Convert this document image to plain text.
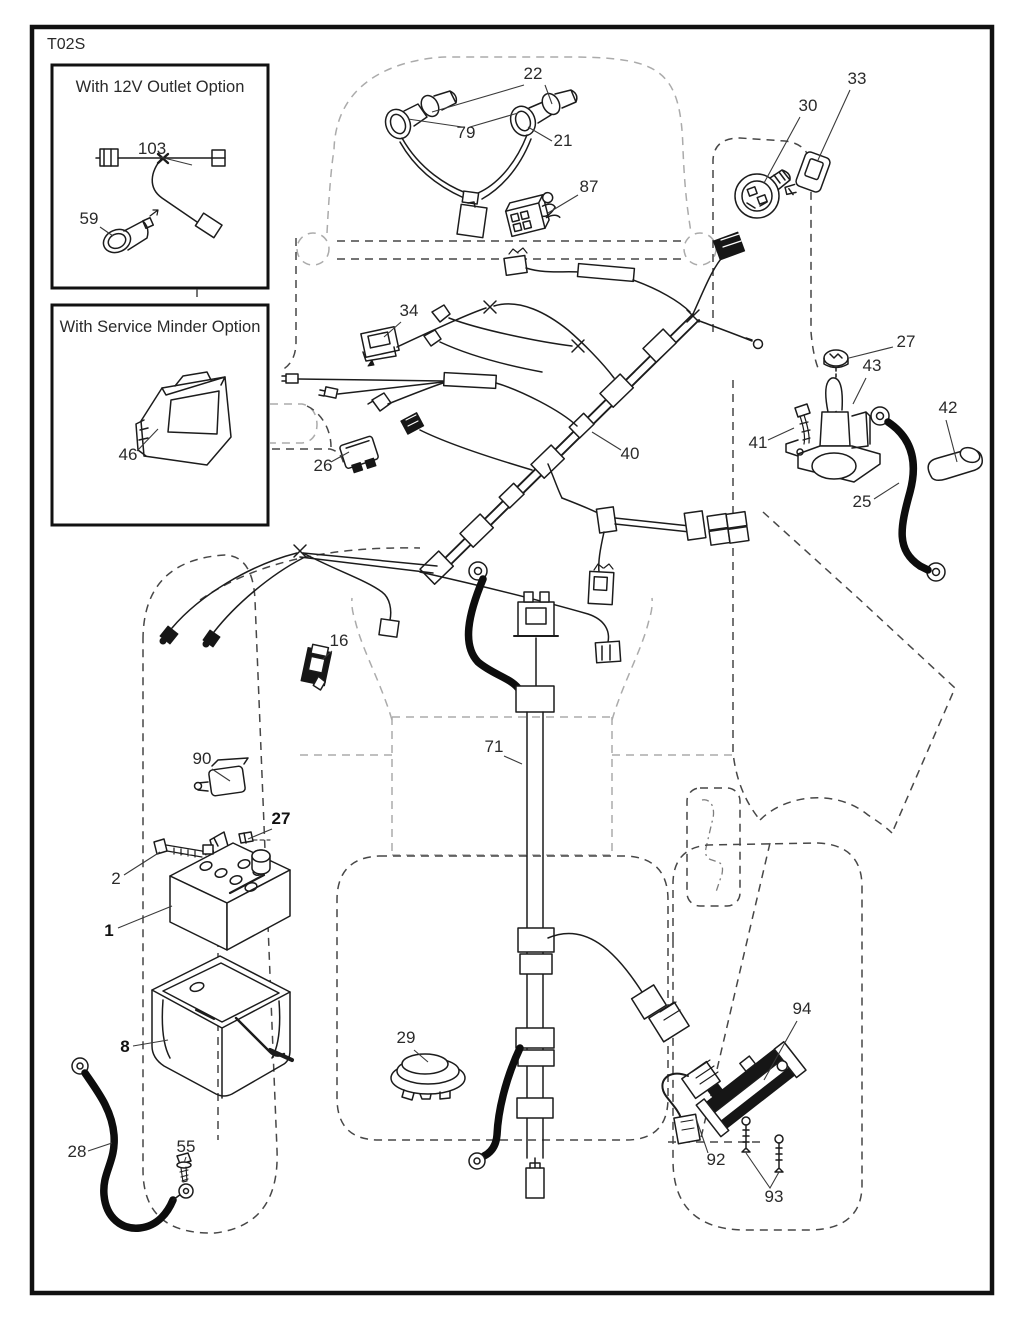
T02S
With 12V Outlet Option
With Service Minder Option
103
59
46
22
79	21
87
30
33
27
43
41
42
25
40
34
26
16
90
27
2
1
8
28	55
29
71
92
93
94
